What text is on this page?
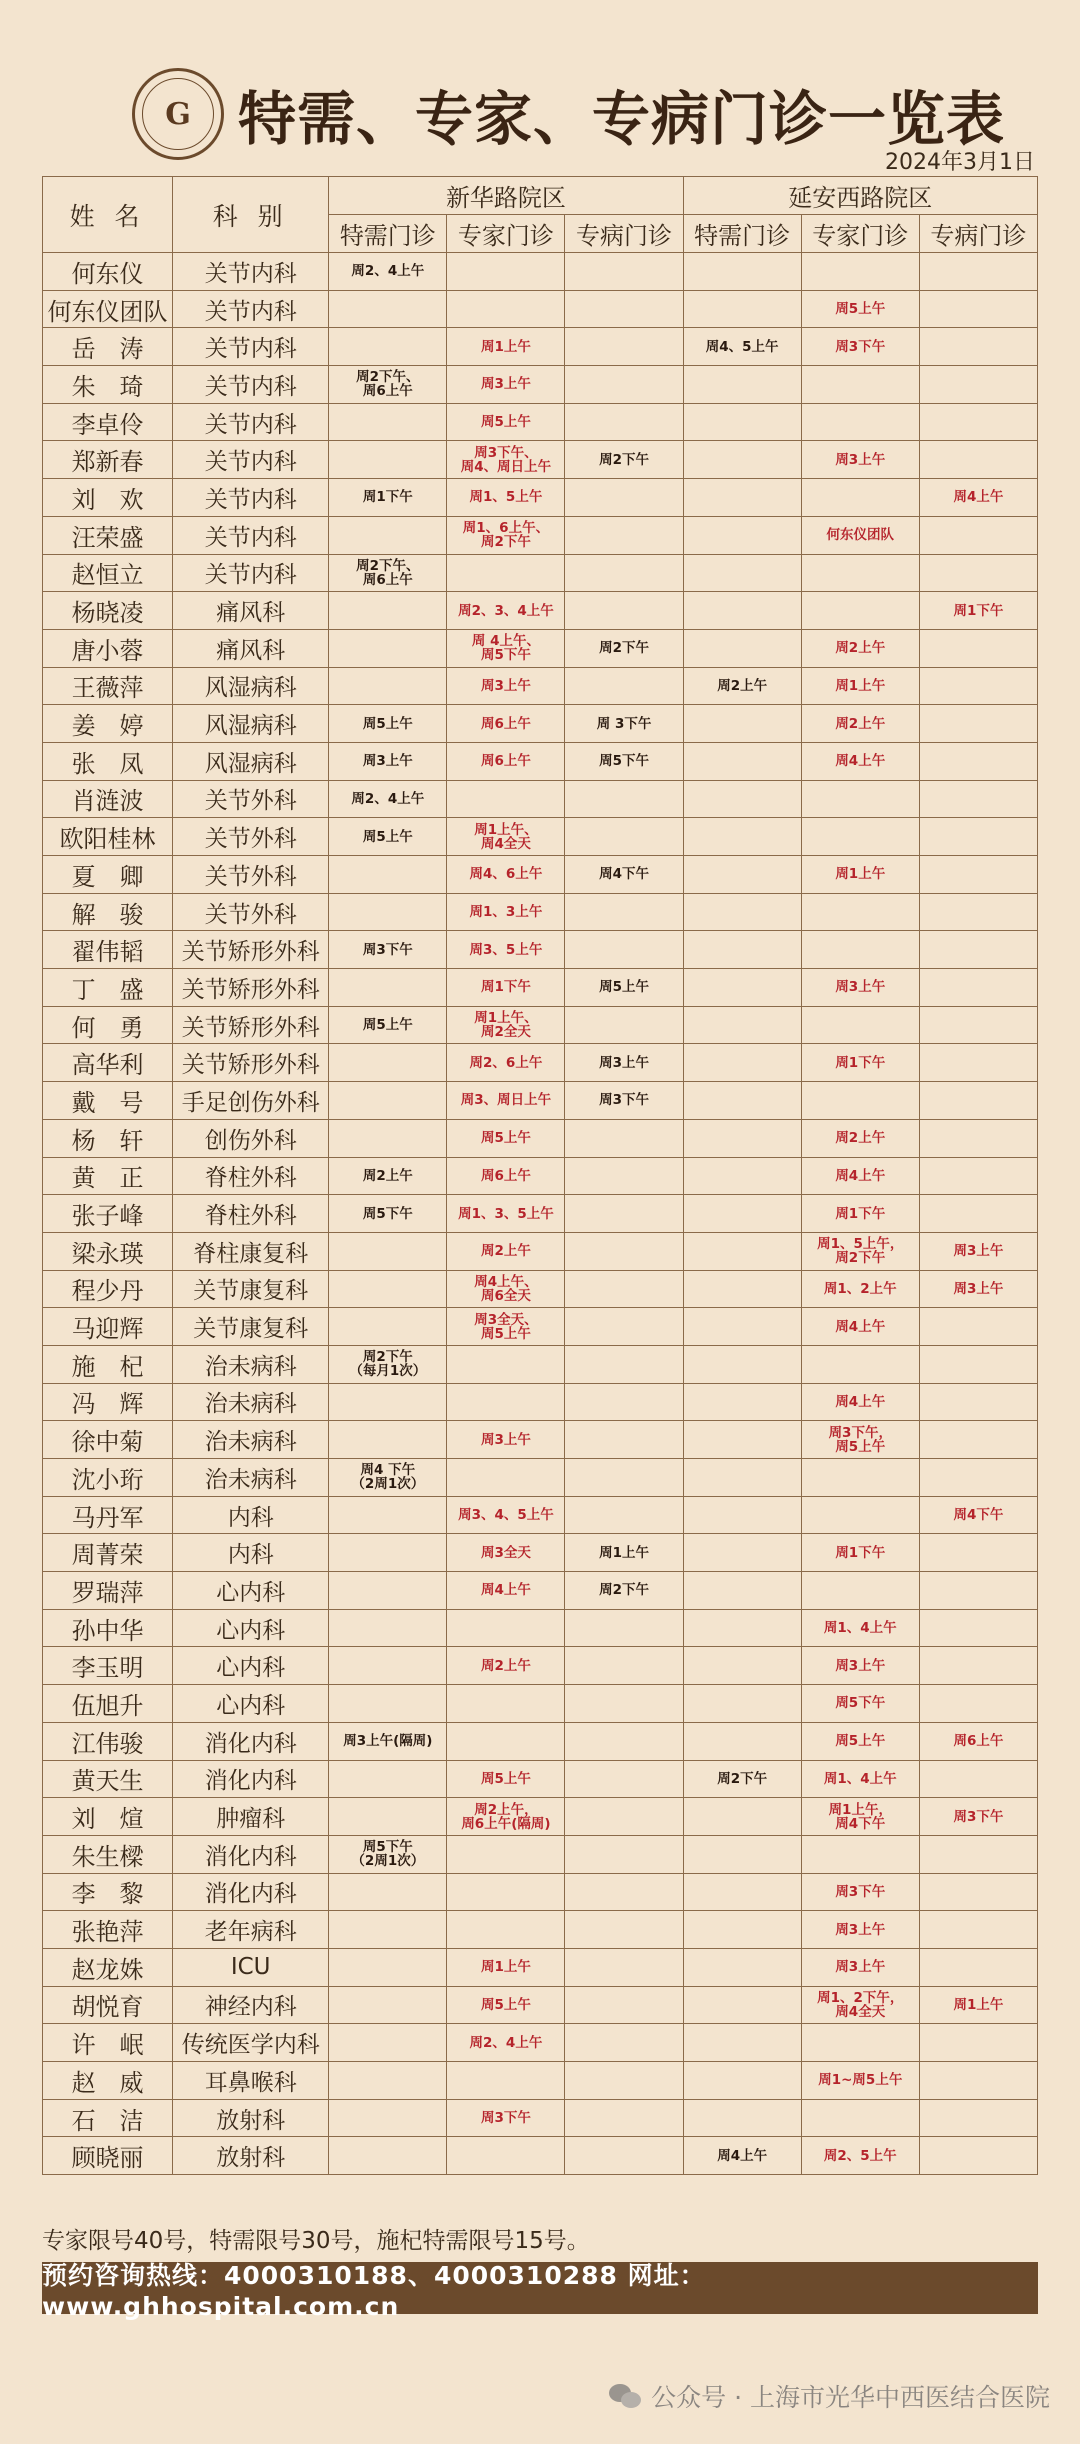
G 特需、专家、专病门诊一览表
2024年3月1日
姓 名	科 别	新华路院区			延安西路院区		
		特需门诊	专家门诊	专病门诊	特需门诊	专家门诊	专病门诊
何东仪	关节内科	周2、4上午					
何东仪团队	关节内科					周5上午	
岳　涛	关节内科		周1上午		周4、5上午	周3下午	
朱　琦	关节内科	周2下午、
周6上午	周3上午				
李卓伶	关节内科		周5上午				
郑新春	关节内科		周3下午、
周4、周日上午	周2下午		周3上午	
刘　欢	关节内科	周1下午	周1、5上午				周4上午
汪荣盛	关节内科		周1、6上午、
周2下午			何东仪团队	
赵恒立	关节内科	周2下午、
周6上午					
杨晓凌	痛风科		周2、3、4上午				周1下午
唐小蓉	痛风科		周 4上午、
周5下午	周2下午		周2上午	
王薇萍	风湿病科		周3上午		周2上午	周1上午	
姜　婷	风湿病科	周5上午	周6上午	周 3下午		周2上午	
张　凤	风湿病科	周3上午	周6上午	周5下午		周4上午	
肖涟波	关节外科	周2、4上午					
欧阳桂林	关节外科	周5上午	周1上午、
周4全天				
夏　卿	关节外科		周4、6上午	周4下午		周1上午	
解　骏	关节外科		周1、3上午				
翟伟韬	关节矫形外科	周3下午	周3、5上午				
丁　盛	关节矫形外科		周1下午	周5上午		周3上午	
何　勇	关节矫形外科	周5上午	周1上午、
周2全天				
高华利	关节矫形外科		周2、6上午	周3上午		周1下午	
戴　号	手足创伤外科		周3、周日上午	周3下午			
杨　轩	创伤外科		周5上午			周2上午	
黄　正	脊柱外科	周2上午	周6上午			周4上午	
张子峰	脊柱外科	周5下午	周1、3、5上午			周1下午	
梁永瑛	脊柱康复科		周2上午			周1、5上午，
周2下午	周3上午
程少丹	关节康复科		周4上午、
周6全天			周1、2上午	周3上午
马迎辉	关节康复科		周3全天、
周5上午			周4上午	
施　杞	治未病科	周2下午
（每月1次）					
冯　辉	治未病科					周4上午	
徐中菊	治未病科		周3上午			周3下午，
周5上午	
沈小珩	治未病科	周4 下午
（2周1次）					
马丹军	内科		周3、4、5上午				周4下午
周菁荣	内科		周3全天	周1上午		周1下午	
罗瑞萍	心内科		周4上午	周2下午			
孙中华	心内科					周1、4上午	
李玉明	心内科		周2上午			周3上午	
伍旭升	心内科					周5下午	
江伟骏	消化内科	周3上午(隔周)				周5上午	周6上午
黄天生	消化内科		周5上午		周2下午	周1、4上午	
刘　煊	肿瘤科		周2上午，
周6上午(隔周)			周1上午，
周4下午	周3下午
朱生樑	消化内科	周5下午
（2周1次）					
李　黎	消化内科					周3下午	
张艳萍	老年病科					周3上午	
赵龙姝	ICU		周1上午			周3上午	
胡悦育	神经内科		周5上午			周1、2下午，
周4全天	周1上午
许　岷	传统医学内科		周2、4上午				
赵　威	耳鼻喉科					周1~周5上午	
石　洁	放射科		周3下午				
顾晓丽	放射科				周4上午	周2、5上午	
专家限号40号，特需限号30号，施杞特需限号15号。
预约咨询热线：4000310188、4000310288 网址：www.ghhospital.com.cn
公众号 · 上海市光华中西医结合医院
